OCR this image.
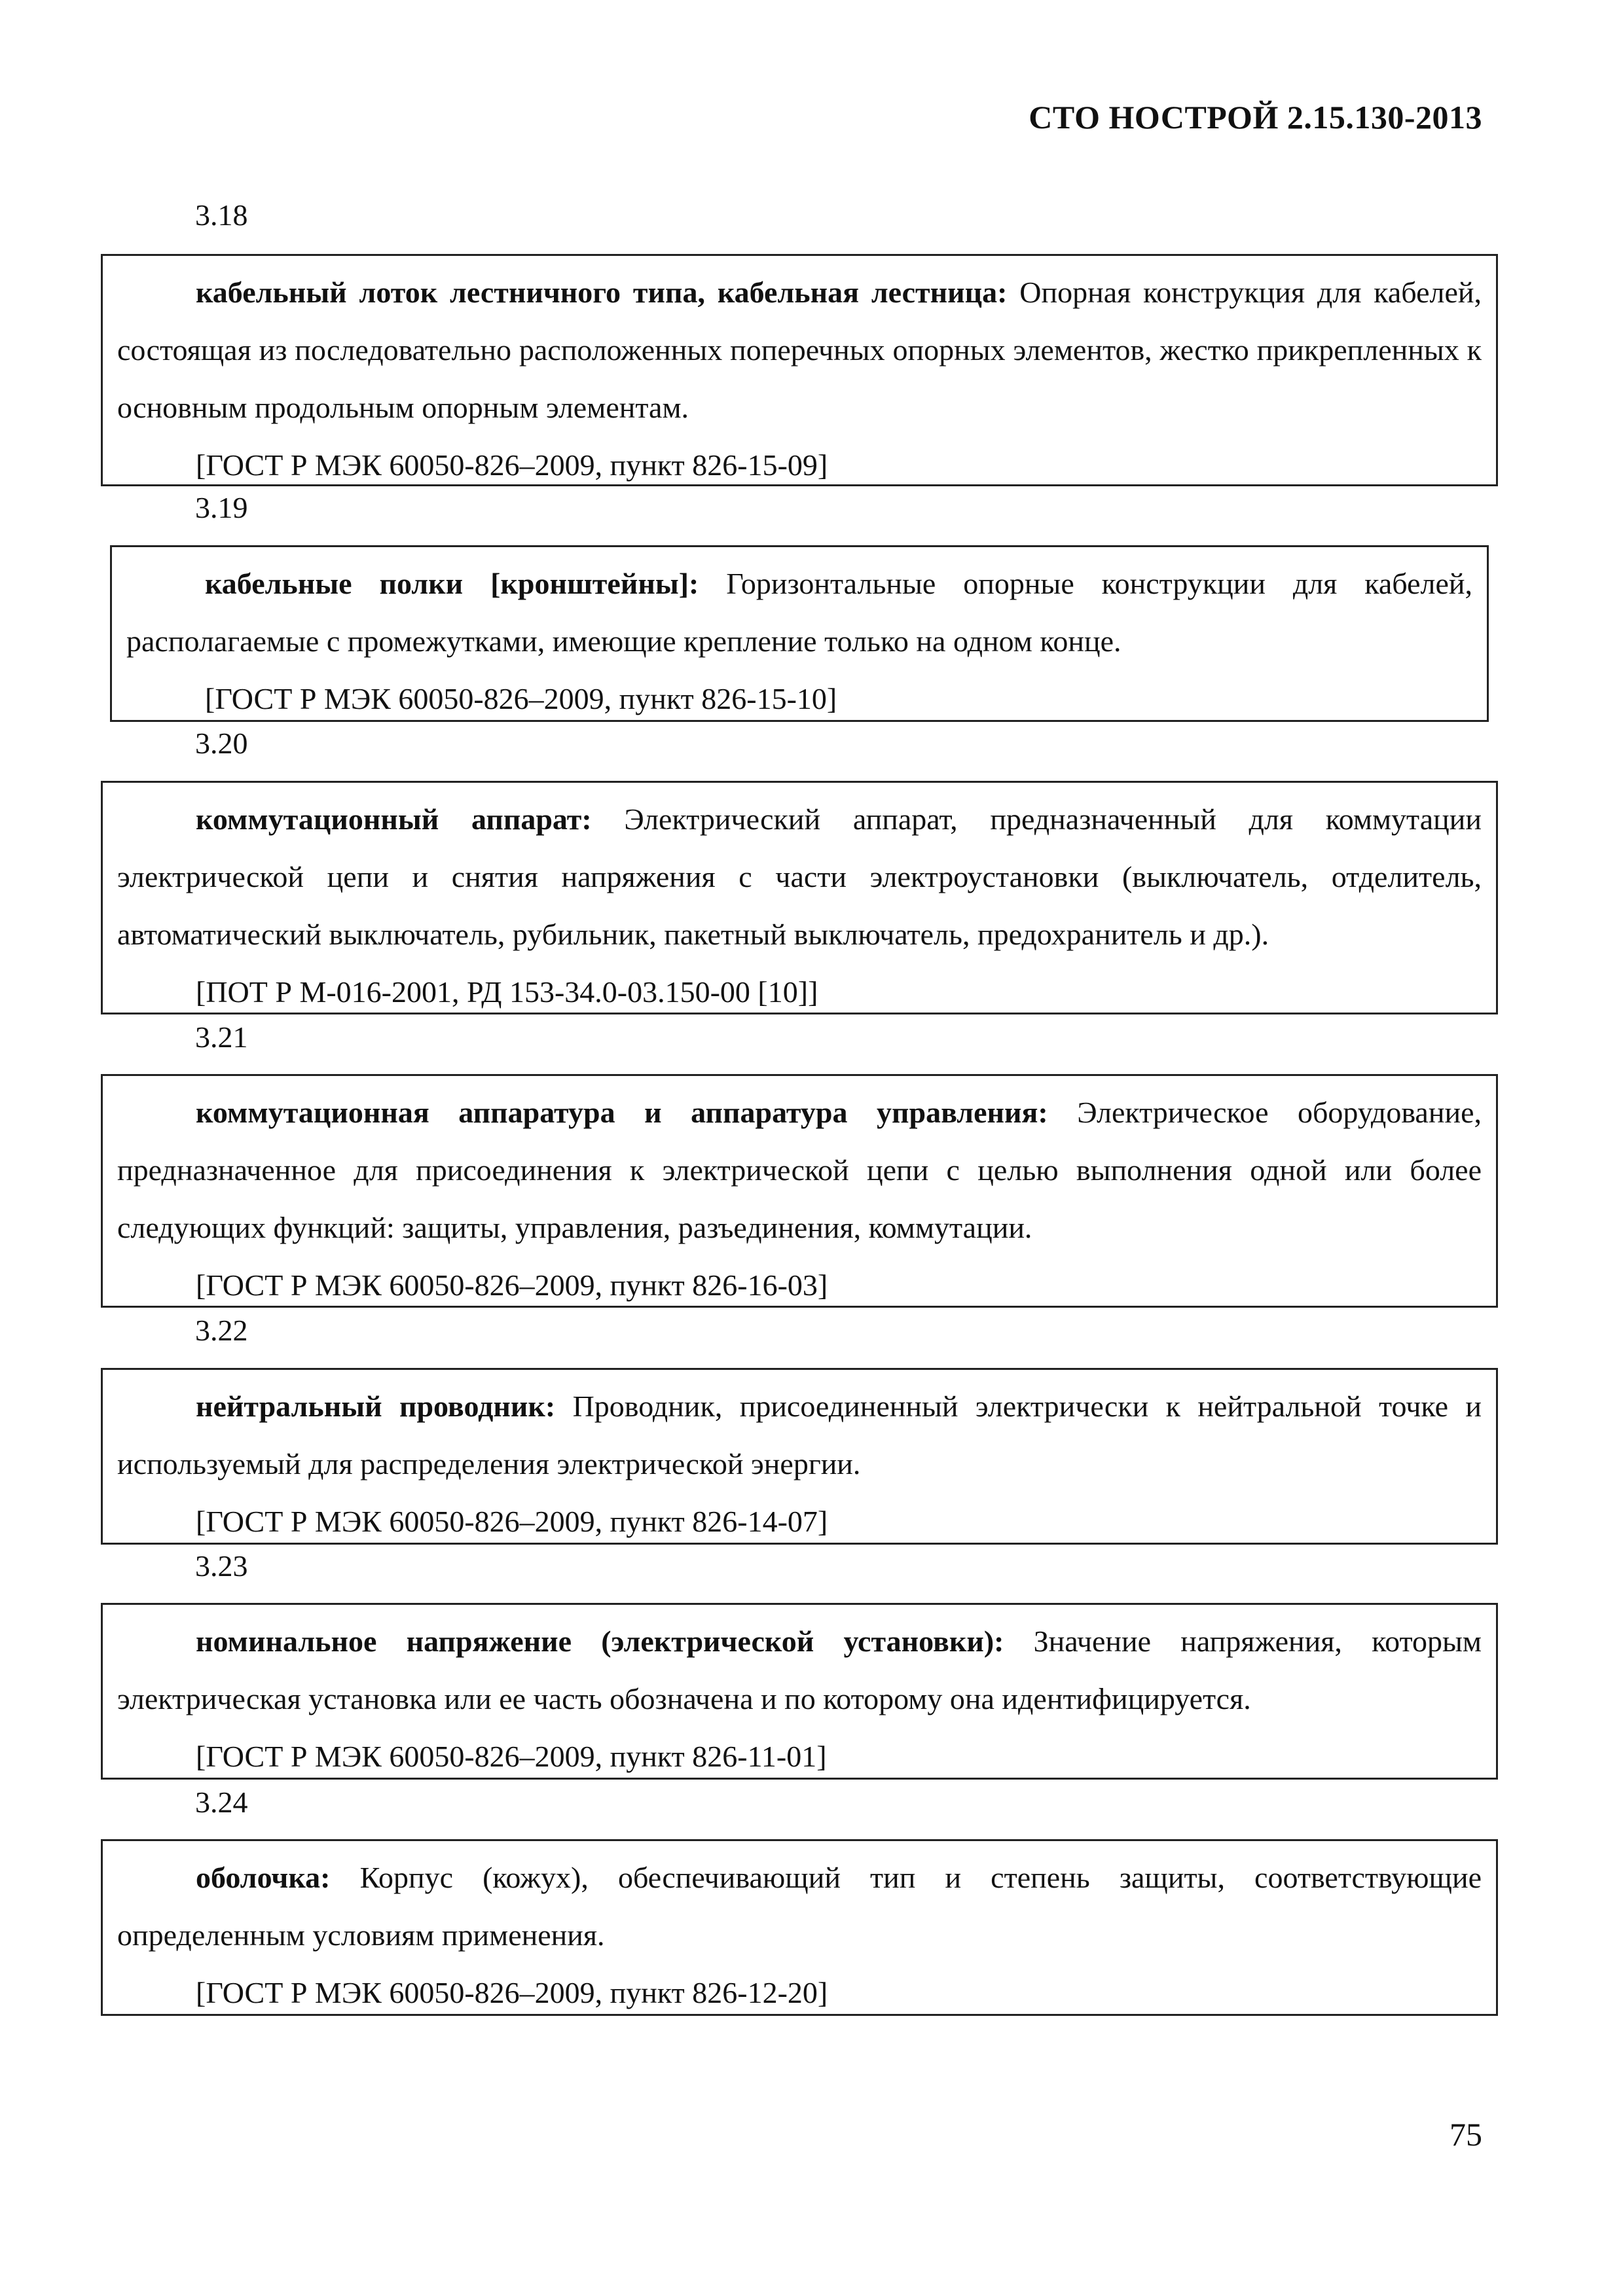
СТО НОСТРОЙ 2.15.130-2013
3.18

кабельный лоток лестничного типа, кабельная лестница: Опорная конструкция для кабелей, состоящая из последовательно расположенных поперечных опорных элементов, жестко прикрепленных к основным продольным опорным элементам.

[ГОСТ Р МЭК 60050-826–2009, пункт 826-15-09]

3.19

кабельные полки [кронштейны]: Горизонтальные опорные конструкции для кабелей, располагаемые с промежутками, имеющие крепление только на одном конце.

[ГОСТ Р МЭК 60050-826–2009, пункт 826-15-10]

3.20

коммутационный аппарат: Электрический аппарат, предназначенный для коммутации электрической цепи и снятия напряжения с части электроустановки (выключатель, отделитель, автоматический выключатель, рубильник, пакетный выключатель, предохранитель и др.).

[ПОТ Р М-016-2001, РД 153-34.0-03.150-00 [10]]

3.21

коммутационная аппаратура и аппаратура управления: Электрическое оборудование, предназначенное для присоединения к электрической цепи с целью выполнения одной или более следующих функций: защиты, управления, разъединения, коммутации.

[ГОСТ Р МЭК 60050-826–2009, пункт 826-16-03]

3.22

нейтральный проводник: Проводник, присоединенный электрически к нейтральной точке и используемый для распределения электрической энергии.

[ГОСТ Р МЭК 60050-826–2009, пункт 826-14-07]

3.23

номинальное напряжение (электрической установки): Значение напряжения, которым электрическая установка или ее часть обозначена и по которому она идентифицируется.

[ГОСТ Р МЭК 60050-826–2009, пункт 826-11-01]

3.24

оболочка: Корпус (кожух), обеспечивающий тип и степень защиты, соответствующие определенным условиям применения.

[ГОСТ Р МЭК 60050-826–2009, пункт 826-12-20]

75
